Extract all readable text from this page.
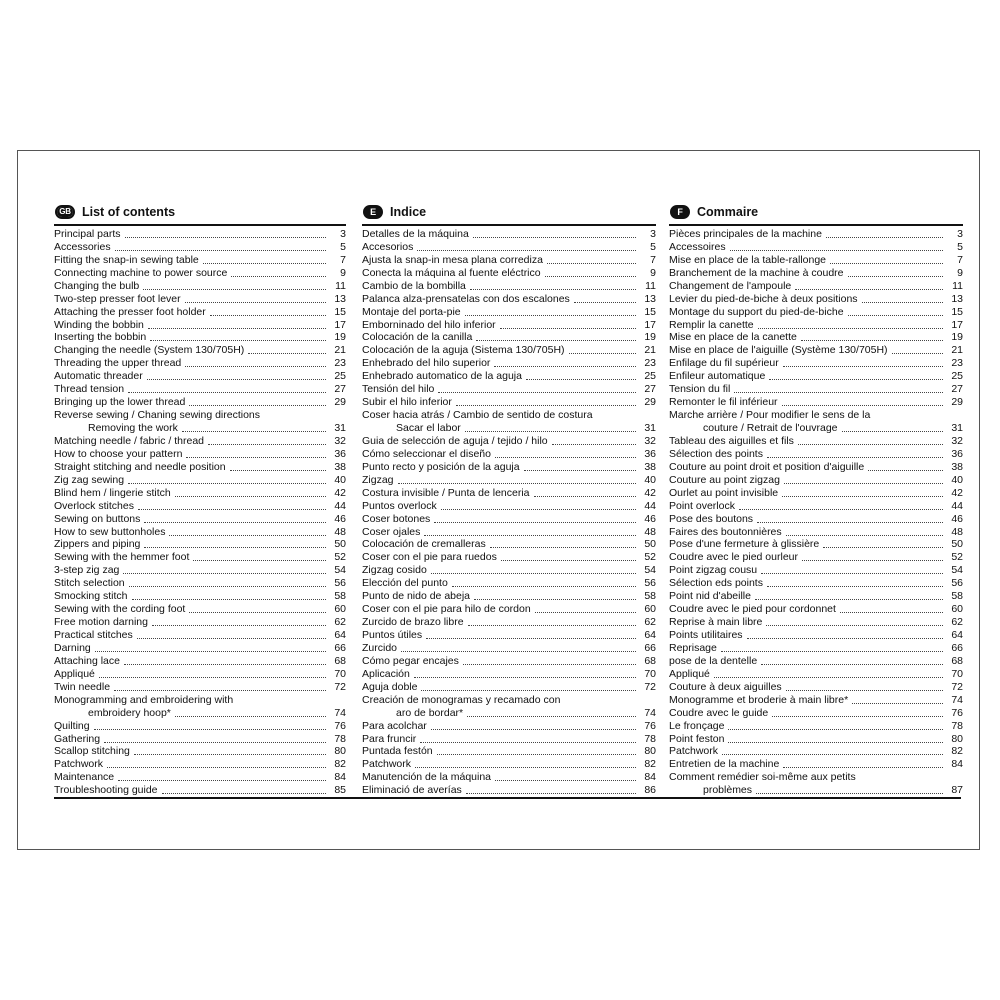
GB List of contents
Principal parts	3
Accessories	5
Fitting the snap-in sewing table	7
Connecting machine to power source	9
Changing the bulb	11
Two-step presser foot lever	13
Attaching the presser foot holder	15
Winding the bobbin	17
Inserting the bobbin	19
Changing the needle (System 130/705H)	21
Threading the upper thread	23
Automatic threader	25
Thread tension	27
Bringing up the lower thread	29
Reverse sewing / Chaning sewing directions
Removing the work	31
Matching needle / fabric / thread	32
How to choose your pattern	36
Straight stitching and needle position	38
Zig zag sewing	40
Blind hem / lingerie stitch	42
Overlock stitches	44
Sewing on buttons	46
How to sew buttonholes	48
Zippers and piping	50
Sewing with the hemmer foot	52
3-step zig zag	54
Stitch selection	56
Smocking stitch	58
Sewing with the cording foot	60
Free motion darning	62
Practical stitches	64
Darning	66
Attaching lace	68
Appliqué	70
Twin needle	72
Monogramming and embroidering with
embroidery hoop*	74
Quilting	76
Gathering	78
Scallop stitching	80
Patchwork	82
Maintenance	84
Troubleshooting guide	85
E Indice
Detalles de la máquina	3
Accesorios	5
Ajusta la snap-in mesa plana corrediza	7
Conecta la máquina al fuente eléctrico	9
Cambio de la bombilla	11
Palanca alza-prensatelas con dos escalones	13
Montaje del porta-pie	15
Emborninado del hilo inferior	17
Colocación de la canilla	19
Colocación de la aguja (Sistema 130/705H)	21
Enhebrado del hilo superior	23
Enhebrado automatico de la aguja	25
Tensión del hilo	27
Subir el hilo inferior	29
Coser hacia atrás / Cambio de sentido de costura
Sacar el labor	31
Guia de selección de aguja / tejido / hilo	32
Cómo seleccionar el diseño	36
Punto recto y posición de la aguja	38
Zigzag	40
Costura invisible / Punta de lenceria	42
Puntos overlock	44
Coser botones	46
Coser ojales	48
Colocación de cremalleras	50
Coser con el pie para ruedos	52
Zigzag cosido	54
Elección del punto	56
Punto de nido de abeja	58
Coser con el pie para hilo de cordon	60
Zurcido de brazo libre	62
Puntos útiles	64
Zurcido	66
Cómo pegar encajes	68
Aplicación	70
Aguja doble	72
Creación de monogramas y recamado con
aro de bordar*	74
Para acolchar	76
Para fruncir	78
Puntada festón	80
Patchwork	82
Manutención de la máquina	84
Eliminació de averías	86
F Commaire
Pièces principales de la machine	3
Accessoires	5
Mise en place de la table-rallonge	7
Branchement de la machine à coudre	9
Changement de l'ampoule	11
Levier du pied-de-biche à deux positions	13
Montage du support du pied-de-biche	15
Remplir la canette	17
Mise en place de la canette	19
Mise en place de l'aiguille (Système 130/705H)	21
Enfilage du fil supérieur	23
Enfileur automatique	25
Tension du fil	27
Remonter le fil inférieur	29
Marche arrière / Pour modifier le sens de la
couture / Retrait de l'ouvrage	31
Tableau des aiguilles et fils	32
Sélection des points	36
Couture au point droit et position d'aiguille	38
Couture au point zigzag	40
Ourlet au point invisible	42
Point overlock	44
Pose des boutons	46
Faires des boutonnières	48
Pose d'une fermeture à glissière	50
Coudre avec le pied ourleur	52
Point zigzag cousu	54
Sélection eds points	56
Point nid d'abeille	58
Coudre avec le pied pour cordonnet	60
Reprise à main libre	62
Points utilitaires	64
Reprisage	66
pose de la dentelle	68
Appliqué	70
Couture à deux aiguilles	72
Monogramme et broderie à main libre*	74
Coudre avec le guide	76
Le fronçage	78
Point feston	80
Patchwork	82
Entretien de la machine	84
Comment remédier soi-même aux petits
problèmes	87
